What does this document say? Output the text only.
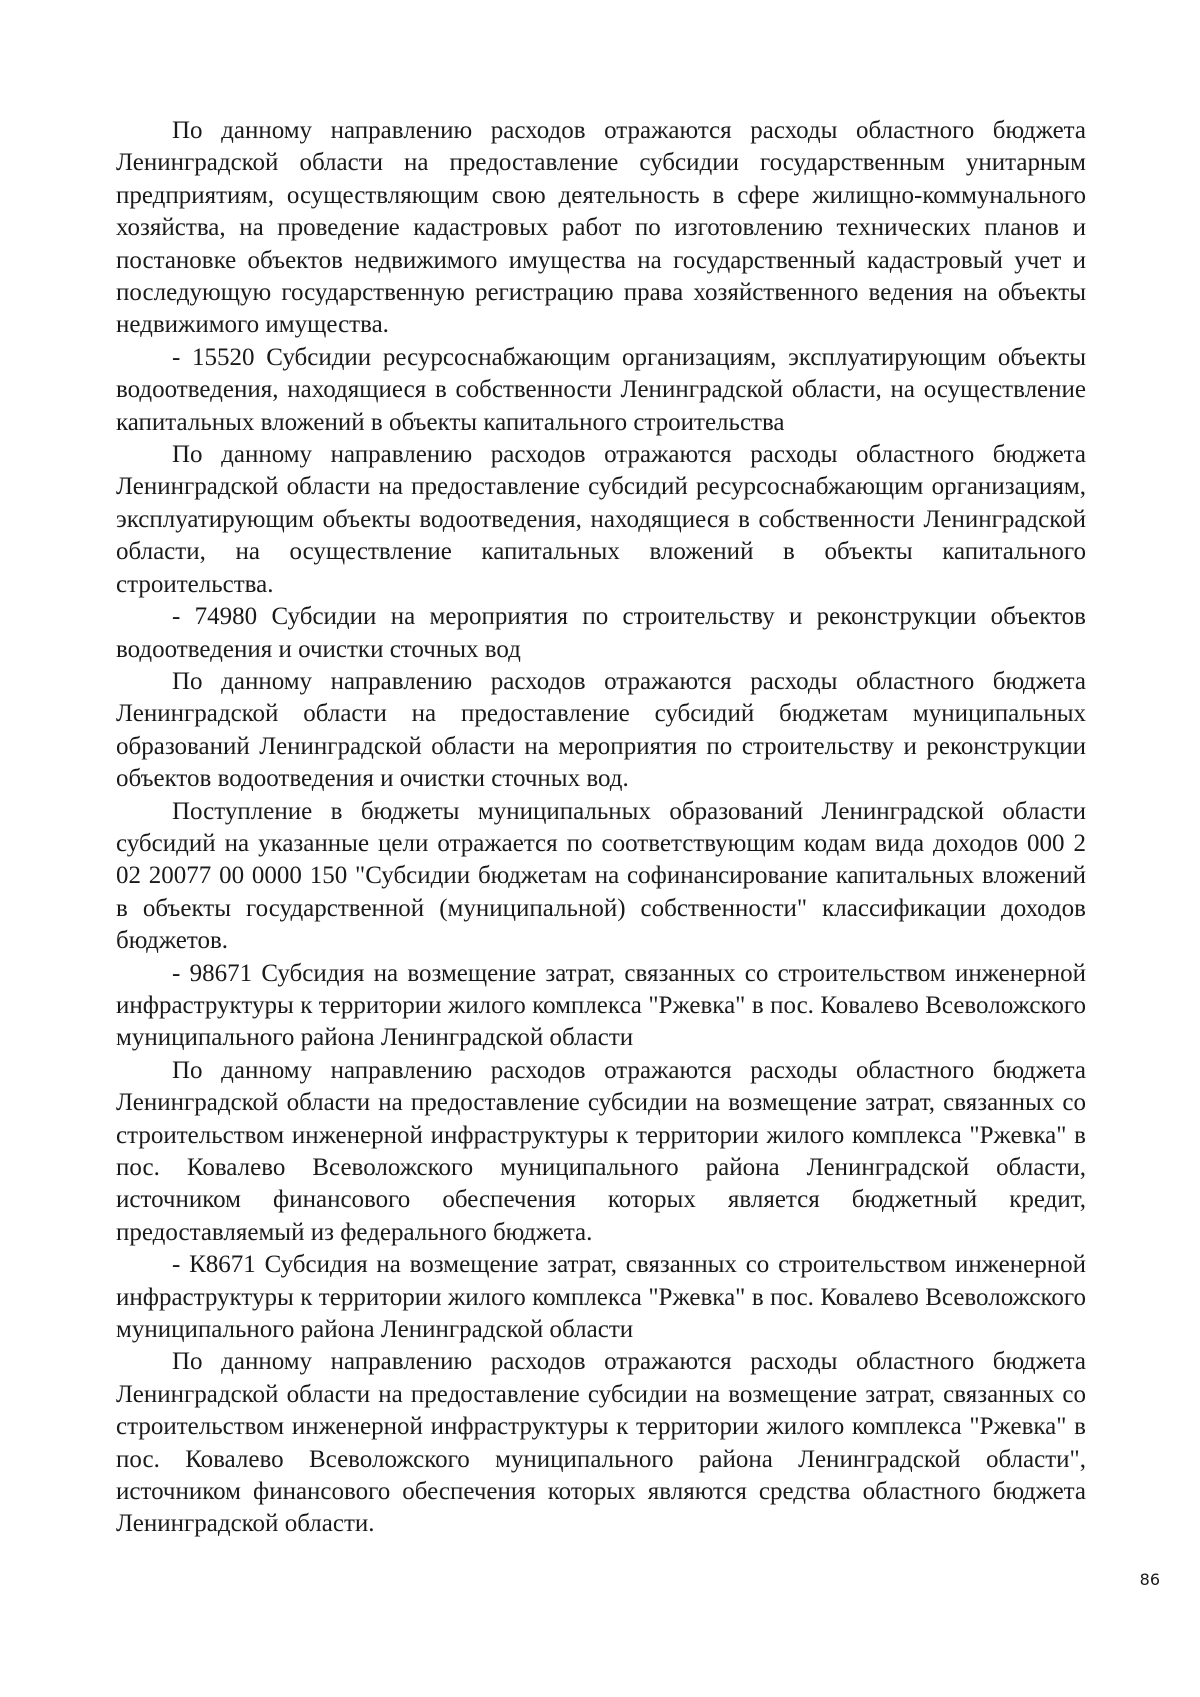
По данному направлению расходов отражаются расходы областного бюджета Ленинградской области на предоставление субсидии государственным унитарным предприятиям, осуществляющим свою деятельность в сфере жилищно-коммунального хозяйства, на проведение кадастровых работ по изготовлению технических планов и постановке объектов недвижимого имущества на государственный кадастровый учет и последующую государственную регистрацию права хозяйственного ведения на объекты недвижимого имущества.

- 15520 Субсидии ресурсоснабжающим организациям, эксплуатирующим объекты водоотведения, находящиеся в собственности Ленинградской области, на осуществление капитальных вложений в объекты капитального строительства

По данному направлению расходов отражаются расходы областного бюджета Ленинградской области на предоставление субсидий ресурсоснабжающим организациям, эксплуатирующим объекты водоотведения, находящиеся в собственности Ленинградской области, на осуществление капитальных вложений в объекты капитального строительства.

- 74980 Субсидии на мероприятия по строительству и реконструкции объектов водоотведения и очистки сточных вод

По данному направлению расходов отражаются расходы областного бюджета Ленинградской области на предоставление субсидий бюджетам муниципальных образований Ленинградской области на мероприятия по строительству и реконструкции объектов водоотведения и очистки сточных вод.

Поступление в бюджеты муниципальных образований Ленинградской области субсидий на указанные цели отражается по соответствующим кодам вида доходов 000 2 02 20077 00 0000 150 "Субсидии бюджетам на софинансирование капитальных вложений в объекты государственной (муниципальной) собственности" классификации доходов бюджетов.

- 98671 Субсидия на возмещение затрат, связанных со строительством инженерной инфраструктуры к территории жилого комплекса "Ржевка" в пос. Ковалево Всеволожского муниципального района Ленинградской области

По данному направлению расходов отражаются расходы областного бюджета Ленинградской области на предоставление субсидии на возмещение затрат, связанных со строительством инженерной инфраструктуры к территории жилого комплекса "Ржевка" в пос. Ковалево Всеволожского муниципального района Ленинградской области, источником финансового обеспечения которых является бюджетный кредит, предоставляемый из федерального бюджета.

- К8671 Субсидия на возмещение затрат, связанных со строительством инженерной инфраструктуры к территории жилого комплекса "Ржевка" в пос. Ковалево Всеволожского муниципального района Ленинградской области

По данному направлению расходов отражаются расходы областного бюджета Ленинградской области на предоставление субсидии на возмещение затрат, связанных со строительством инженерной инфраструктуры к территории жилого комплекса "Ржевка" в пос. Ковалево Всеволожского муниципального района Ленинградской области", источником финансового обеспечения которых являются средства областного бюджета Ленинградской области.

86
